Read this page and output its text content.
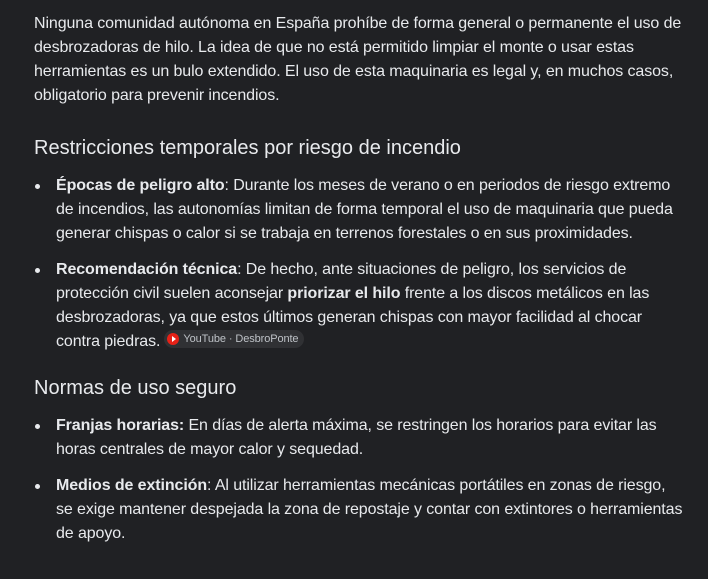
Ninguna comunidad autónoma en España prohíbe de forma general o permanente el uso de desbrozadoras de hilo. La idea de que no está permitido limpiar el monte o usar estas herramientas es un bulo extendido. El uso de esta maquinaria es legal y, en muchos casos, obligatorio para prevenir incendios.

Restricciones temporales por riesgo de incendio
Épocas de peligro alto: Durante los meses de verano o en periodos de riesgo extremo de incendios, las autonomías limitan de forma temporal el uso de maquinaria que pueda generar chispas o calor si se trabaja en terrenos forestales o en sus proximidades.
Recomendación técnica: De hecho, ante situaciones de peligro, los servicios de protección civil suelen aconsejar priorizar el hilo frente a los discos metálicos en las desbrozadoras, ya que estos últimos generan chispas con mayor facilidad al chocar contra piedras. YouTube · DesbroPonte
Normas de uso seguro
Franjas horarias: En días de alerta máxima, se restringen los horarios para evitar las horas centrales de mayor calor y sequedad.
Medios de extinción: Al utilizar herramientas mecánicas portátiles en zonas de riesgo, se exige mantener despejada la zona de repostaje y contar con extintores o herramientas de apoyo.
